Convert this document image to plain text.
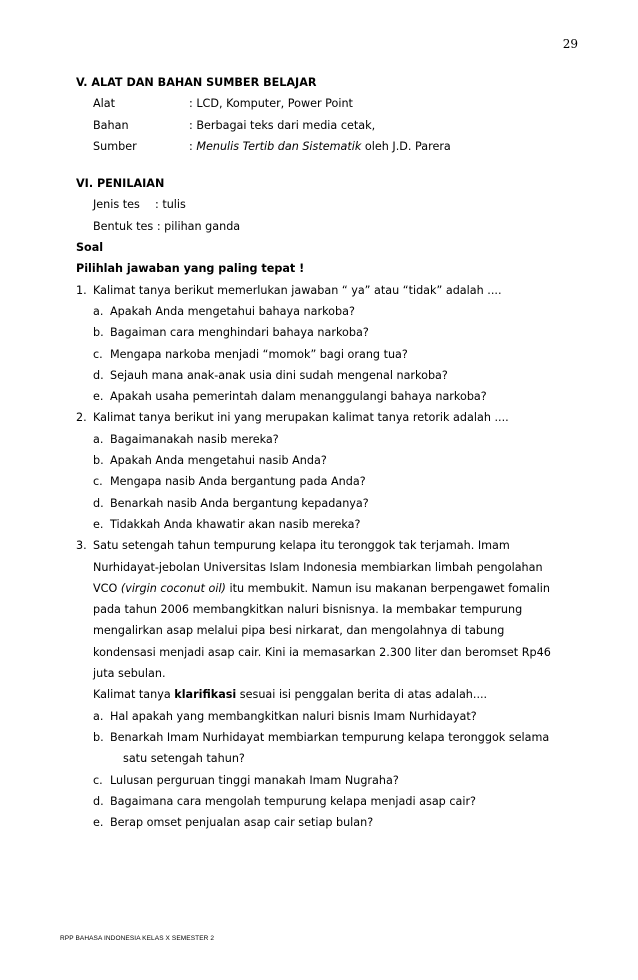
29
V. ALAT DAN BAHAN SUMBER BELAJAR
Alat	: LCD, Komputer, Power Point
Bahan	: Berbagai teks dari media cetak,
Sumber	: Menulis Tertib dan Sistematik oleh J.D. Parera
VI. PENILAIAN
Jenis tes : tulis
Bentuk tes : pilihan ganda
Soal
Pilihlah jawaban yang paling tepat !
1. Kalimat tanya berikut memerlukan jawaban “ ya” atau “tidak” adalah ....
a. Apakah Anda mengetahui bahaya narkoba?
b. Bagaiman cara menghindari bahaya narkoba?
c. Mengapa narkoba menjadi “momok” bagi orang tua?
d. Sejauh mana anak-anak usia dini sudah mengenal narkoba?
e. Apakah usaha pemerintah dalam menanggulangi bahaya narkoba?
2. Kalimat tanya berikut ini yang merupakan kalimat tanya retorik adalah ....
a. Bagaimanakah nasib mereka?
b. Apakah Anda mengetahui nasib Anda?
c. Mengapa nasib Anda bergantung pada Anda?
d. Benarkah nasib Anda bergantung kepadanya?
e. Tidakkah Anda khawatir akan nasib mereka?
3. Satu setengah tahun tempurung kelapa itu teronggok tak terjamah. Imam
Nurhidayat-jebolan Universitas Islam Indonesia membiarkan limbah pengolahan
VCO (virgin coconut oil) itu membukit. Namun isu makanan berpengawet fomalin
pada tahun 2006 membangkitkan naluri bisnisnya. Ia membakar tempurung
mengalirkan asap melalui pipa besi nirkarat, dan mengolahnya di tabung
kondensasi menjadi asap cair. Kini ia memasarkan 2.300 liter dan beromset Rp46
juta sebulan.
Kalimat tanya klarifikasi sesuai isi penggalan berita di atas adalah....
a. Hal apakah yang membangkitkan naluri bisnis Imam Nurhidayat?
b. Benarkah Imam Nurhidayat membiarkan tempurung kelapa teronggok selama
satu setengah tahun?
c. Lulusan perguruan tinggi manakah Imam Nugraha?
d. Bagaimana cara mengolah tempurung kelapa menjadi asap cair?
e. Berap omset penjualan asap cair setiap bulan?
RPP BAHASA INDONESIA KELAS X SEMESTER 2
